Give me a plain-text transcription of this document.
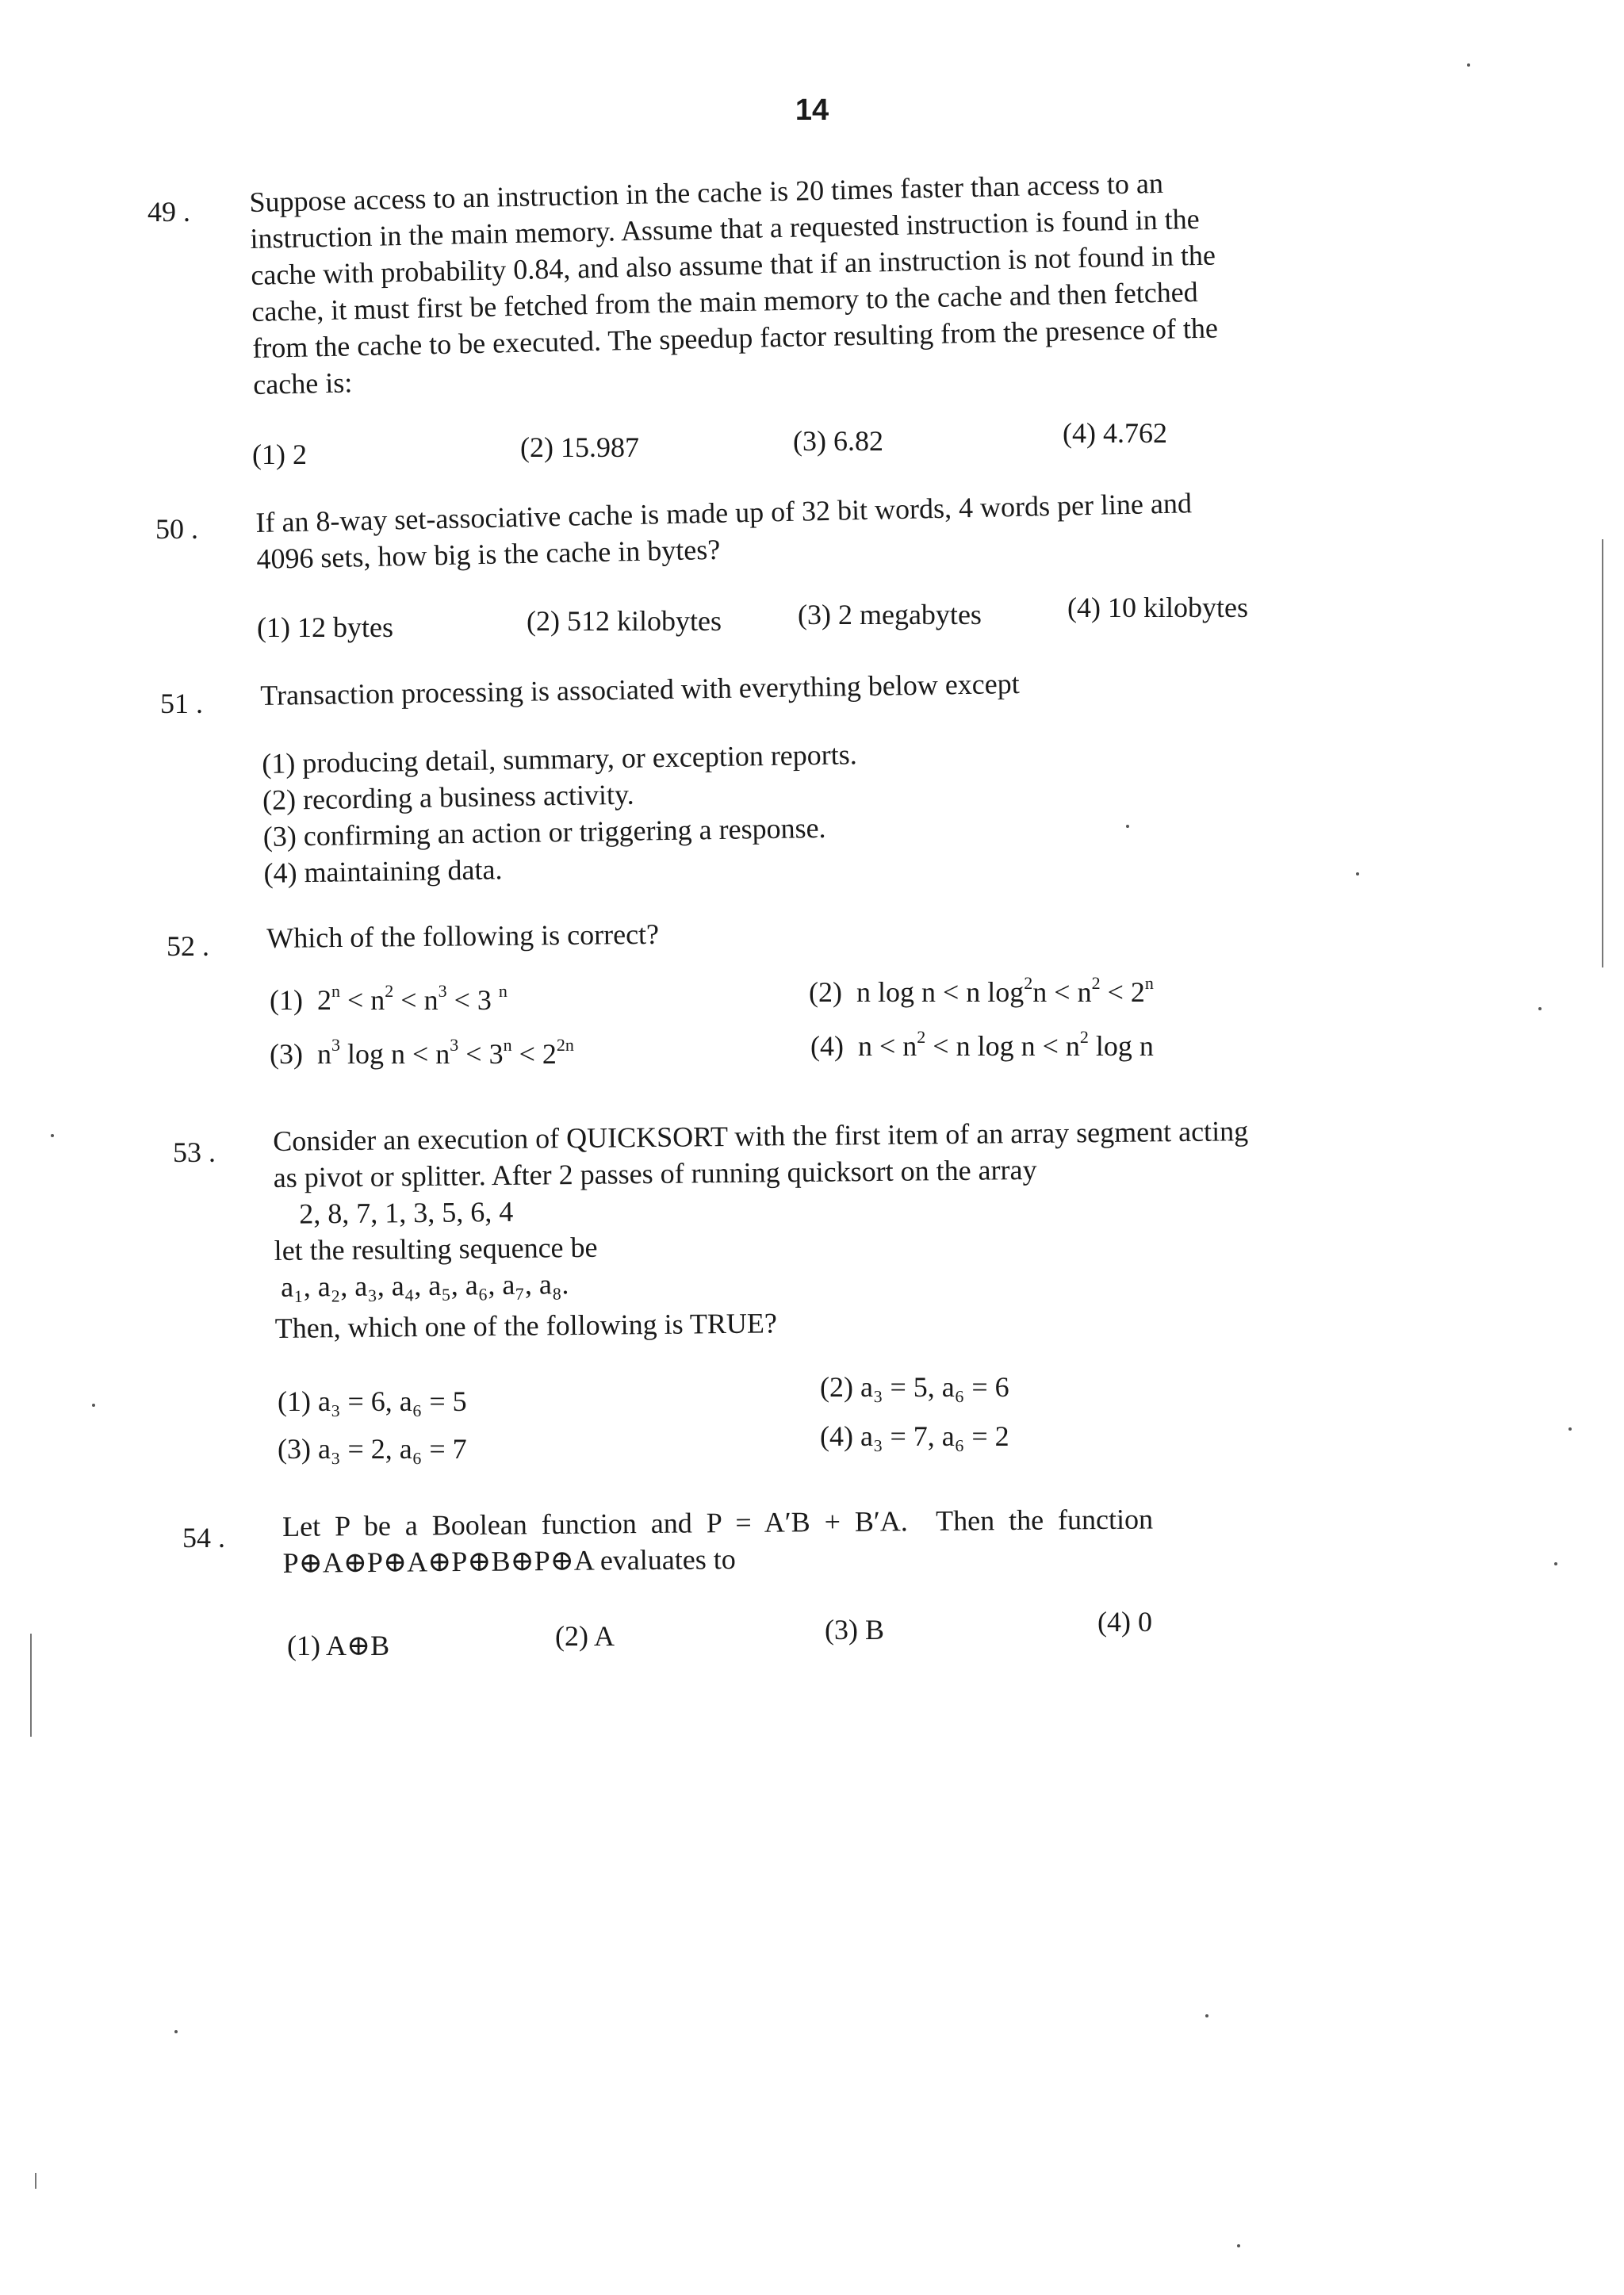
14
49 . Suppose access to an instruction in the cache is 20 times faster than access to an
instruction in the main memory. Assume that a requested instruction is found in the
cache with probability 0.84, and also assume that if an instruction is not found in the
cache, it must first be fetched from the main memory to the cache and then fetched
from the cache to be executed. The speedup factor resulting from the presence of the
cache is:
(1) 2	(2) 15.987	(3) 6.82	(4) 4.762
50 . If an 8-way set-associative cache is made up of 32 bit words, 4 words per line and
4096 sets, how big is the cache in bytes?
(1) 12 bytes	(2) 512 kilobytes	(3) 2 megabytes	(4) 10 kilobytes
51 . Transaction processing is associated with everything below except
(1) producing detail, summary, or exception reports.
(2) recording a business activity.
(3) confirming an action or triggering a response.
(4) maintaining data.
52 . Which of the following is correct?
(1) $2^n < n^2 < n^3 < 3$ $^n$	(2) n log n < n $\log^2n < n^2 < 2^n$
(3) $n^3$ $\log n < n^3 < 3^n < 2^{2n}$	(4) $n < n^2 < n$ $\log n < n^2$ log n
53 . Consider an execution of QUICKSORT with the first item of an array segment acting
as pivot or splitter. After 2 passes of running quicksort on the array
2, 8, 7, 1, 3, 5, 6, 4
let the resulting sequence be
a₁, a₂, a₃, a₄, a₅, a₆, a₇, a₈.
Then, which one of the following is TRUE?
(1) a₃ = 6, a₆ = 5	(2) a₃ = 5, a₆ = 6
(3) a₃ = 2, a₆ = 7	(4) a₃ = 7, a₆ = 2
54 . Let  P  be  a  Boolean  function  and  P  =  A′B  +  B′A.    Then  the  function
P⊕A⊕P⊕A⊕P⊕B⊕P⊕A evaluates to
(1) A⊕B	(2) A	(3) B	(4) 0
